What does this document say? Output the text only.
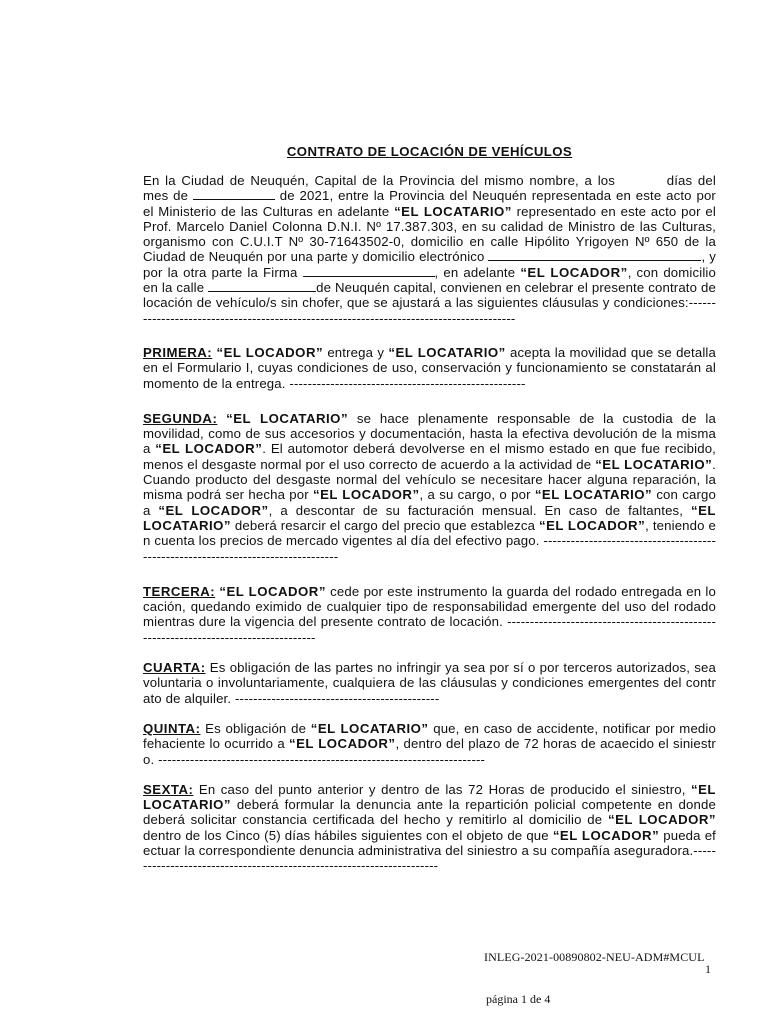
CONTRATO DE LOCACIÓN DE VEHÍCULOS

En la Ciudad de Neuquén, Capital de la Provincia del mismo nombre, a los	días del mes de	de 2021, entre la Provincia del Neuquén representada en este acto por el Ministerio de las Culturas en adelante “EL LOCATARIO” representado en este acto por el Prof. Marcelo Daniel Colonna D.N.I. Nº 17.387.303, en su calidad de Ministro de las Culturas, organismo con C.U.I.T Nº 30-71643502-0, domicilio en calle Hipólito Yrigoyen Nº 650 de la Ciudad de Neuquén por una parte y domicilio electrónico	, y por la otra parte la Firma	, en adelante “EL LOCADOR”, con domicilio en la calle	de Neuquén capital, convienen en celebrar el presente contrato de locación de vehículo/s sin chofer, que se ajustará a las siguientes cláusulas y condiciones:----------------------------------------------------------------------------------------

PRIMERA: “EL LOCADOR” entrega y “EL LOCATARIO” acepta la movilidad que se detalla en el Formulario I, cuyas condiciones de uso, conservación y funcionamiento se constatarán al momento de la entrega. ----------------------------------------------------

SEGUNDA: “EL LOCATARIO” se hace plenamente responsable de la custodia de la movilidad, como de sus accesorios y documentación, hasta la efectiva devolución de la misma a “EL LOCADOR”. El automotor deberá devolverse en el mismo estado en que fue recibido, menos el desgaste normal por el uso correcto de acuerdo a la actividad de “EL LOCATARIO”. Cuando producto del desgaste normal del vehículo se necesitare hacer alguna reparación, la misma podrá ser hecha por “EL LOCADOR”, a su cargo, o por “EL LOCATARIO” con cargo a “EL LOCADOR”, a descontar de su facturación mensual. En caso de faltantes, “EL LOCATARIO” deberá resarcir el cargo del precio que establezca “EL LOCADOR”, teniendo en cuenta los precios de mercado vigentes al día del efectivo pago. ---------------------------------------------------------------------------------

TERCERA: “EL LOCADOR” cede por este instrumento la guarda del rodado entregada en locación, quedando eximido de cualquier tipo de responsabilidad emergente del uso del rodado mientras dure la vigencia del presente contrato de locación. ------------------------------------------------------------------------------------

CUARTA: Es obligación de las partes no infringir ya sea por sí o por terceros autorizados, sea voluntaria o involuntariamente, cualquiera de las cláusulas y condiciones emergentes del contrato de alquiler. ---------------------------------------------

QUINTA: Es obligación de “EL LOCATARIO” que, en caso de accidente, notificar por medio fehaciente lo ocurrido a “EL LOCADOR”, dentro del plazo de 72 horas de acaecido el siniestro. ------------------------------------------------------------------------

SEXTA: En caso del punto anterior y dentro de las 72 Horas de producido el siniestro, “EL LOCATARIO” deberá formular la denuncia ante la repartición policial competente en donde deberá solicitar constancia certificada del hecho y remitirlo al domicilio de “EL LOCADOR” dentro de los Cinco (5) días hábiles siguientes con el objeto de que “EL LOCADOR” pueda efectuar la correspondiente denuncia administrativa del siniestro a su compañía aseguradora.----------------------------------------------------------------------

INLEG-2021-00890802-NEU-ADM#MCUL
1
página 1 de 4
